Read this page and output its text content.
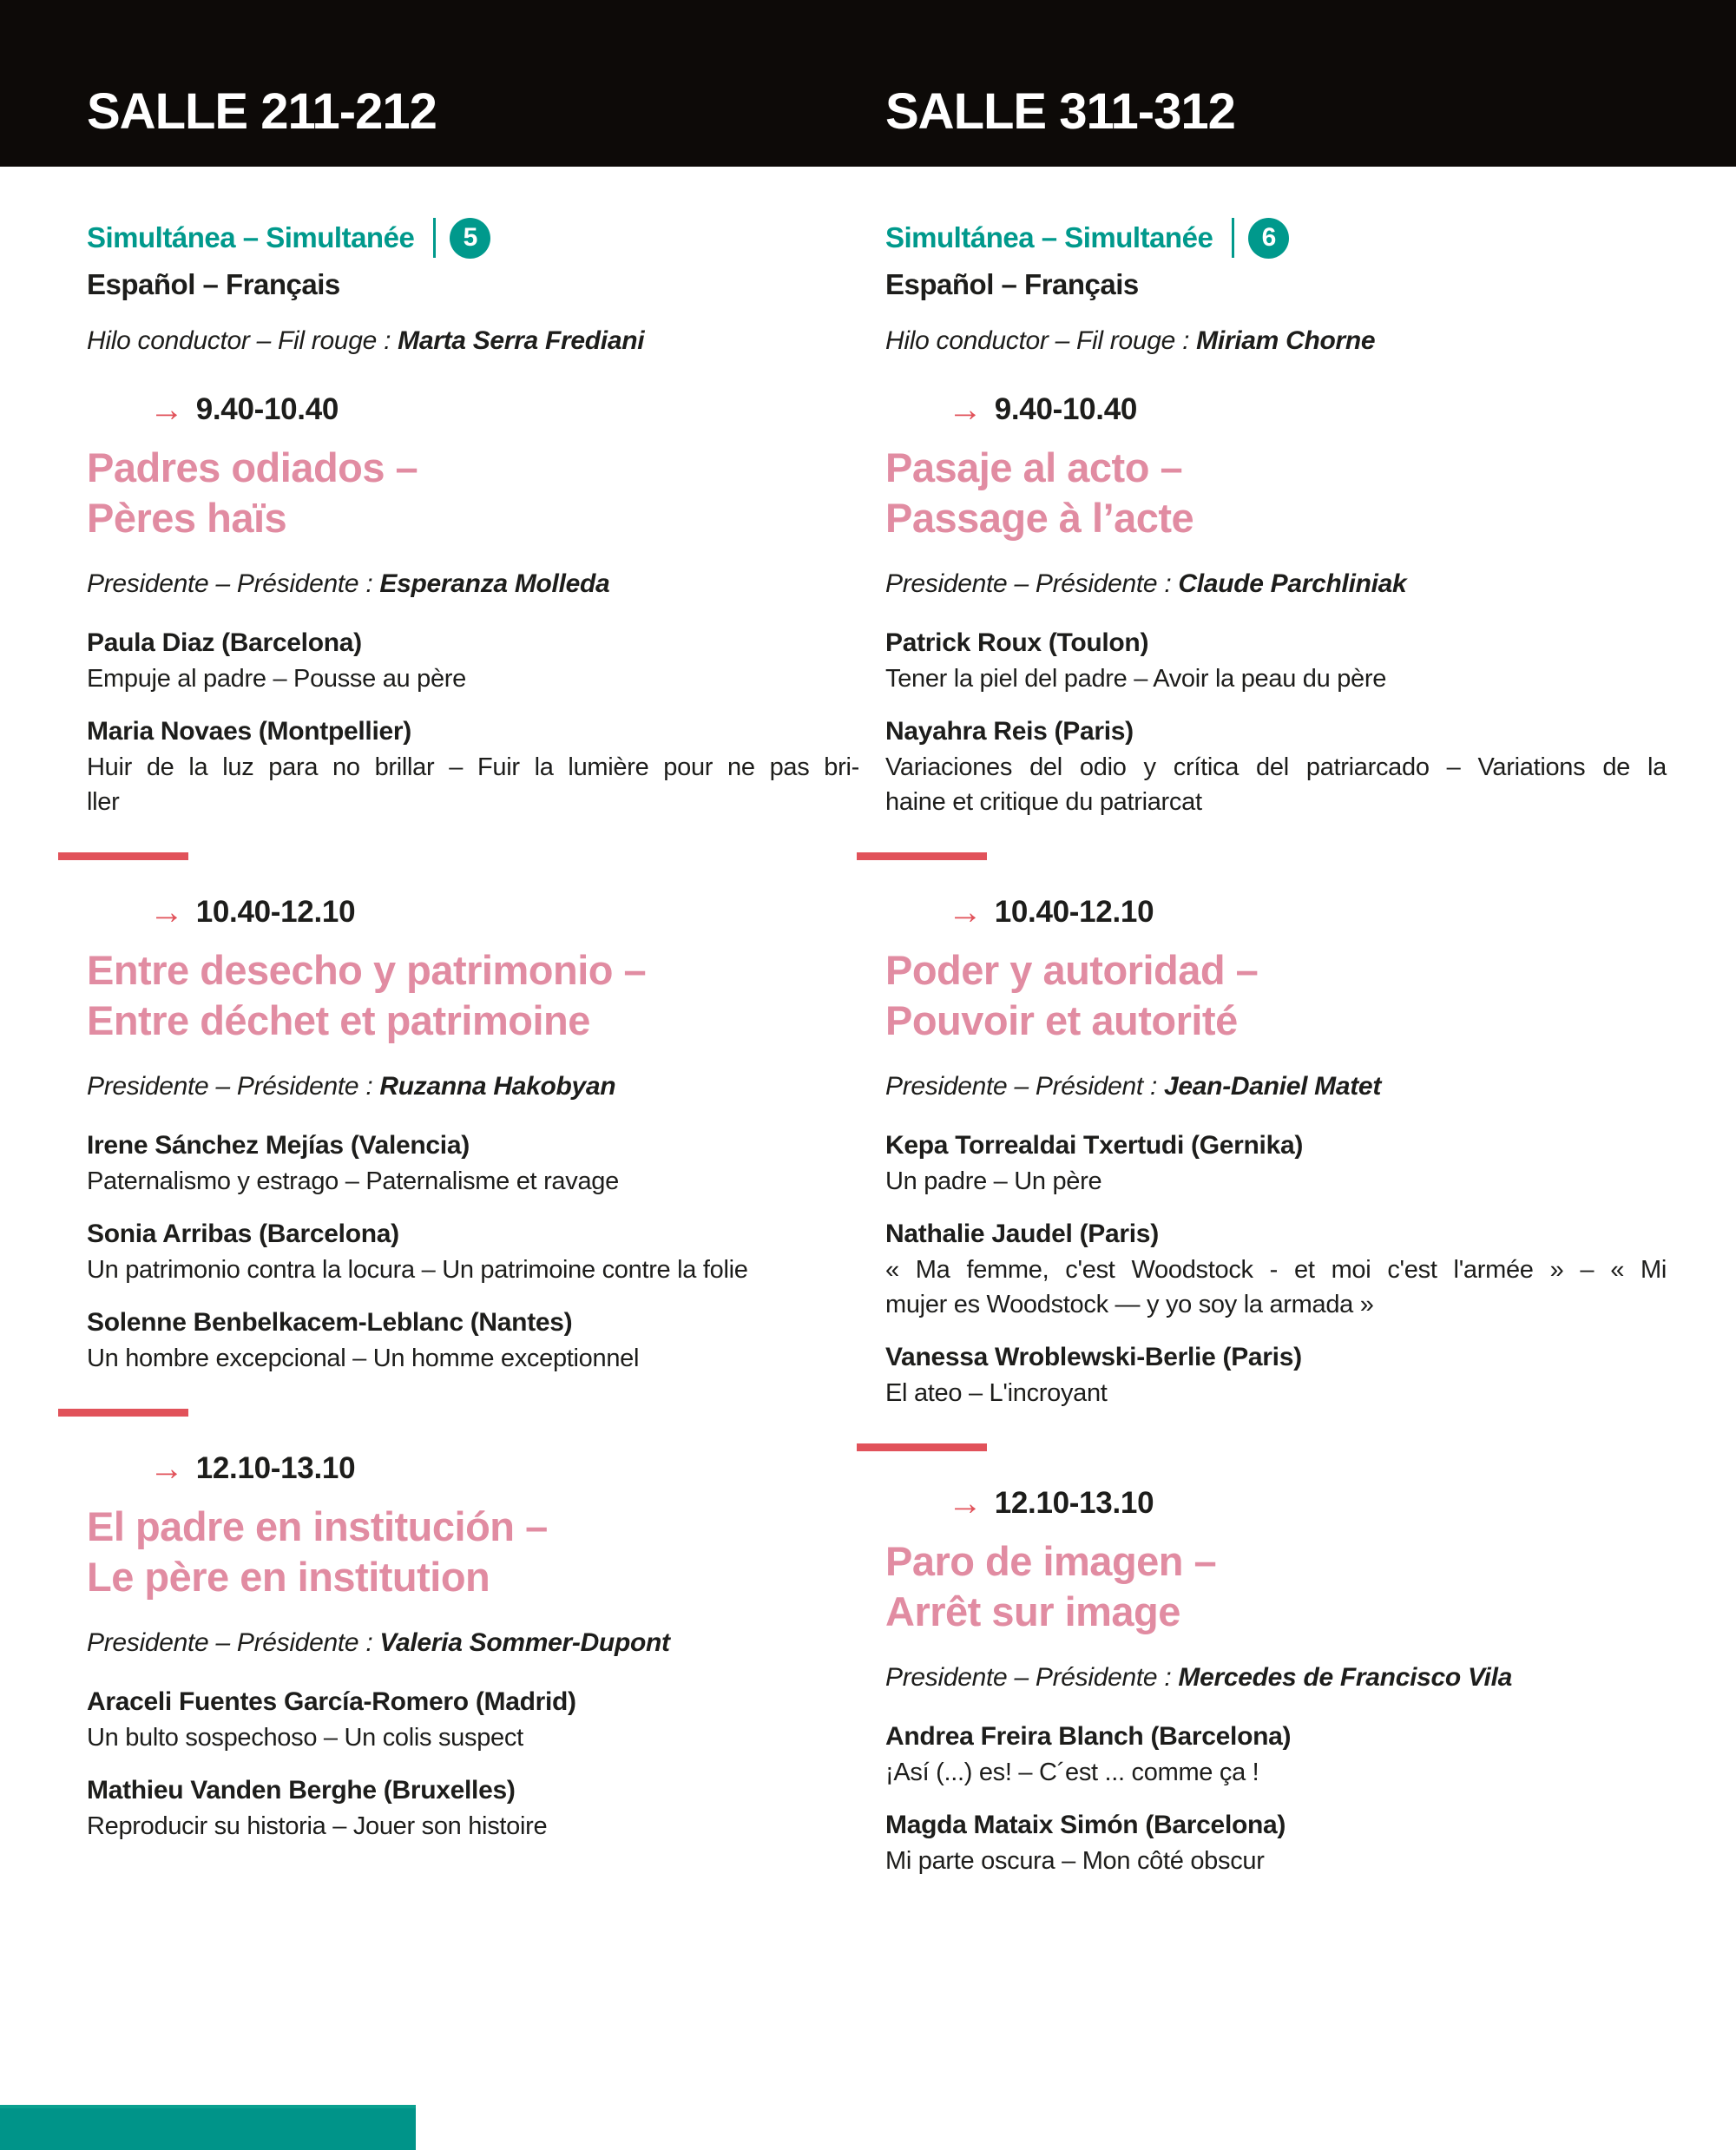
SALLE 211-212	SALLE 311-312
Simultánea – Simultanée	5
Español – Français
Hilo conductor – Fil rouge : Marta Serra Frediani
→ 9.40-10.40
Padres odiados –
Pères haïs
Presidente – Présidente : Esperanza Molleda
Paula Diaz (Barcelona)
Empuje al padre – Pousse au père
Maria Novaes (Montpellier)
Huir de la luz para no brillar – Fuir la lumière pour ne pas bri-
ller
→ 10.40-12.10
Entre desecho y patrimonio –
Entre déchet et patrimoine
Presidente – Présidente : Ruzanna Hakobyan
Irene Sánchez Mejías (Valencia)
Paternalismo y estrago – Paternalisme et ravage
Sonia Arribas (Barcelona)
Un patrimonio contra la locura – Un patrimoine contre la folie
Solenne Benbelkacem-Leblanc (Nantes)
Un hombre excepcional – Un homme exceptionnel
→ 12.10-13.10
El padre en institución –
Le père en institution
Presidente – Présidente : Valeria Sommer-Dupont
Araceli Fuentes García-Romero (Madrid)
Un bulto sospechoso – Un colis suspect
Mathieu Vanden Berghe (Bruxelles)
Reproducir su historia – Jouer son histoire
Simultánea – Simultanée	6
Español – Français
Hilo conductor – Fil rouge : Miriam Chorne
→ 9.40-10.40
Pasaje al acto –
Passage à l’acte
Presidente – Présidente : Claude Parchliniak
Patrick Roux (Toulon)
Tener la piel del padre – Avoir la peau du père
Nayahra Reis (Paris)
Variaciones del odio y crítica del patriarcado – Variations de la
haine et critique du patriarcat
→ 10.40-12.10
Poder y autoridad –
Pouvoir et autorité
Presidente – Président : Jean-Daniel Matet
Kepa Torrealdai Txertudi (Gernika)
Un padre – Un père
Nathalie Jaudel (Paris)
« Ma femme, c'est Woodstock - et moi c'est l'armée » – « Mi
mujer es Woodstock — y yo soy la armada »
Vanessa Wroblewski-Berlie (Paris)
El ateo – L'incroyant
→ 12.10-13.10
Paro de imagen –
Arrêt sur image
Presidente – Présidente : Mercedes de Francisco Vila
Andrea Freira Blanch (Barcelona)
¡Así (...) es! – C´est ... comme ça !
Magda Mataix Simón (Barcelona)
Mi parte oscura – Mon côté obscur
